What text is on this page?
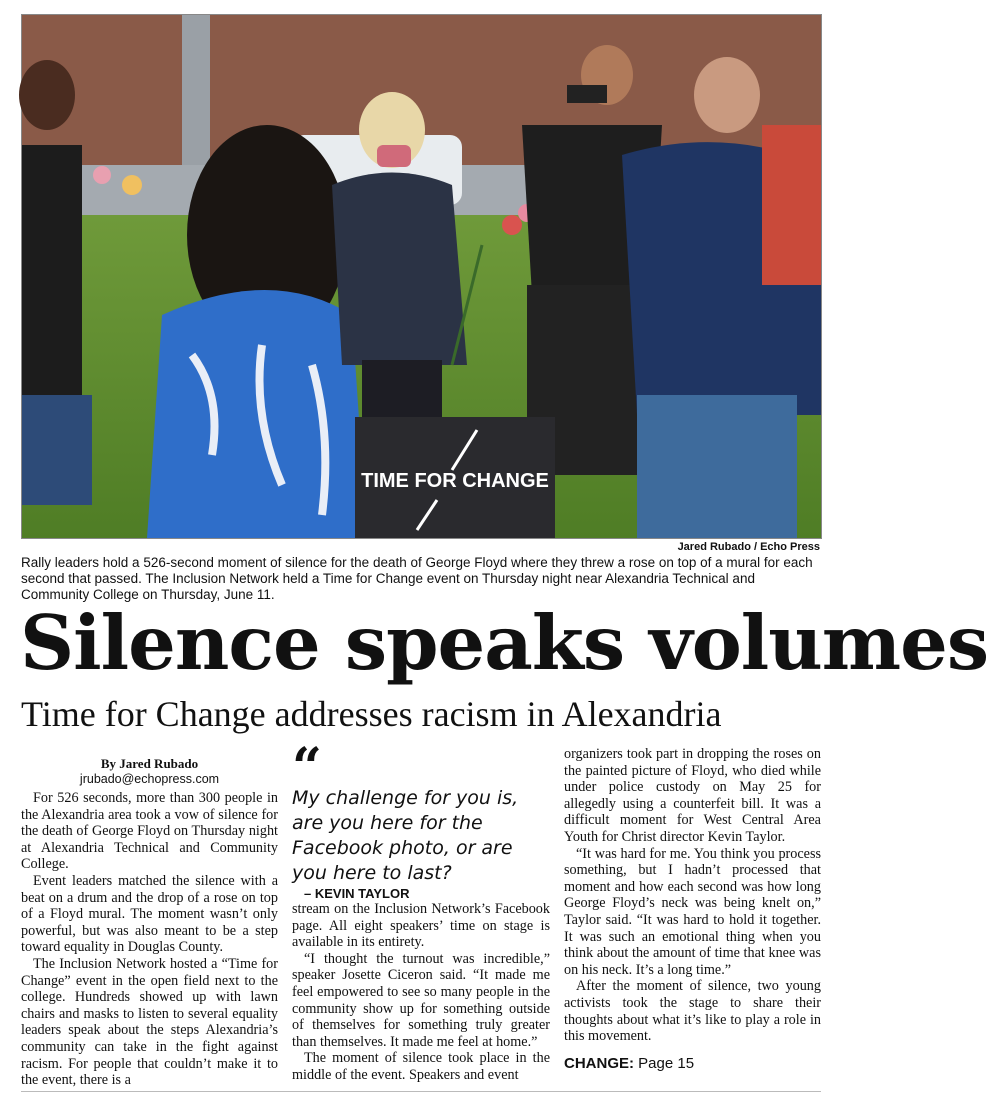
TIME FOR CHANGE
Jared Rubado / Echo Press
Rally leaders hold a 526-second moment of silence for the death of George Floyd where they threw a rose on top of a mural for each second that passed. The Inclusion Network held a Time for Change event on Thursday night near Alexandria Technical and Community College on Thursday, June 11.
Silence speaks volumes
Time for Change addresses racism in Alexandria

By Jared Rubado

jrubado@echopress.com

For 526 seconds, more than 300 people in the Alexandria area took a vow of silence for the death of George Floyd on Thursday night at Alexandria Technical and Community College.

Event leaders matched the silence with a beat on a drum and the drop of a rose on top of a Floyd mural. The moment wasn’t only powerful, but was also meant to be a step toward equality in Douglas County.

The Inclusion Network hosted a “Time for Change” event in the open field next to the college. Hundreds showed up with lawn chairs and masks to listen to several equality leaders speak about the steps Alexandria’s community can take in the fight against racism. For people that couldn’t make it to the event, there is a

“
My challenge for you is, are you here for the Facebook photo, or are you here to last?

– KEVIN TAYLOR

stream on the Inclusion Network’s Facebook page. All eight speakers’ time on stage is available in its entirety.

“I thought the turnout was incredible,” speaker Josette Ciceron said. “It made me feel empowered to see so many people in the community show up for something outside of themselves for something truly greater than themselves. It made me feel at home.”

The moment of silence took place in the middle of the event. Speakers and event

organizers took part in dropping the roses on the painted picture of Floyd, who died while under police custody on May 25 for allegedly using a counterfeit bill. It was a difficult moment for West Central Area Youth for Christ director Kevin Taylor.

“It was hard for me. You think you process something, but I hadn’t processed that moment and how each second was how long George Floyd’s neck was being knelt on,” Taylor said. “It was hard to hold it together. It was such an emotional thing when you think about the amount of time that knee was on his neck. It’s a long time.”

After the moment of silence, two young activists took the stage to share their thoughts about what it’s like to play a role in this movement.

CHANGE: Page 15
